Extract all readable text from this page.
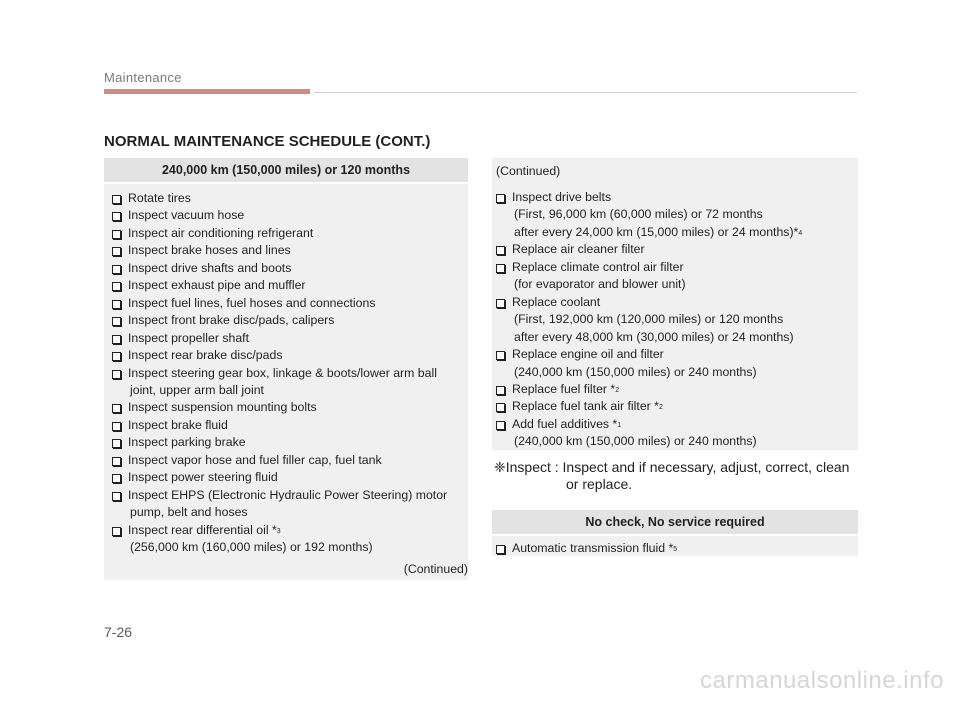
Maintenance
NORMAL MAINTENANCE SCHEDULE (CONT.)
240,000 km (150,000 miles) or 120 months
Rotate tires
Inspect vacuum hose
Inspect air conditioning refrigerant
Inspect brake hoses and lines
Inspect drive shafts and boots
Inspect exhaust pipe and muffler
Inspect fuel lines, fuel hoses and connections
Inspect front brake disc/pads, calipers
Inspect propeller shaft
Inspect rear brake disc/pads
Inspect steering gear box, linkage & boots/lower arm ball
joint, upper arm ball joint
Inspect suspension mounting bolts
Inspect brake fluid
Inspect parking brake
Inspect vapor hose and fuel filler cap, fuel tank
Inspect power steering fluid
Inspect EHPS (Electronic Hydraulic Power Steering) motor
pump, belt and hoses
Inspect rear differential oil *$^3$
(256,000 km (160,000 miles) or 192 months)
(Continued)
(Continued)
Inspect drive belts
(First, 96,000 km (60,000 miles) or 72 months
after every 24,000 km (15,000 miles) or 24 months)*$^4$
Replace air cleaner filter
Replace climate control air filter
(for evaporator and blower unit)
Replace coolant
(First, 192,000 km (120,000 miles) or 120 months
after every 48,000 km (30,000 miles) or 24 months)
Replace engine oil and filter
(240,000 km (150,000 miles) or 240 months)
Replace fuel filter *$^2$
Replace fuel tank air filter *$^2$
Add fuel additives *$^1$
(240,000 km (150,000 miles) or 240 months)
❈Inspect : Inspect and if necessary, adjust, correct, clean
or replace.
No check, No service required
Automatic transmission fluid *$^5$
7-26
carmanualsonline.info
